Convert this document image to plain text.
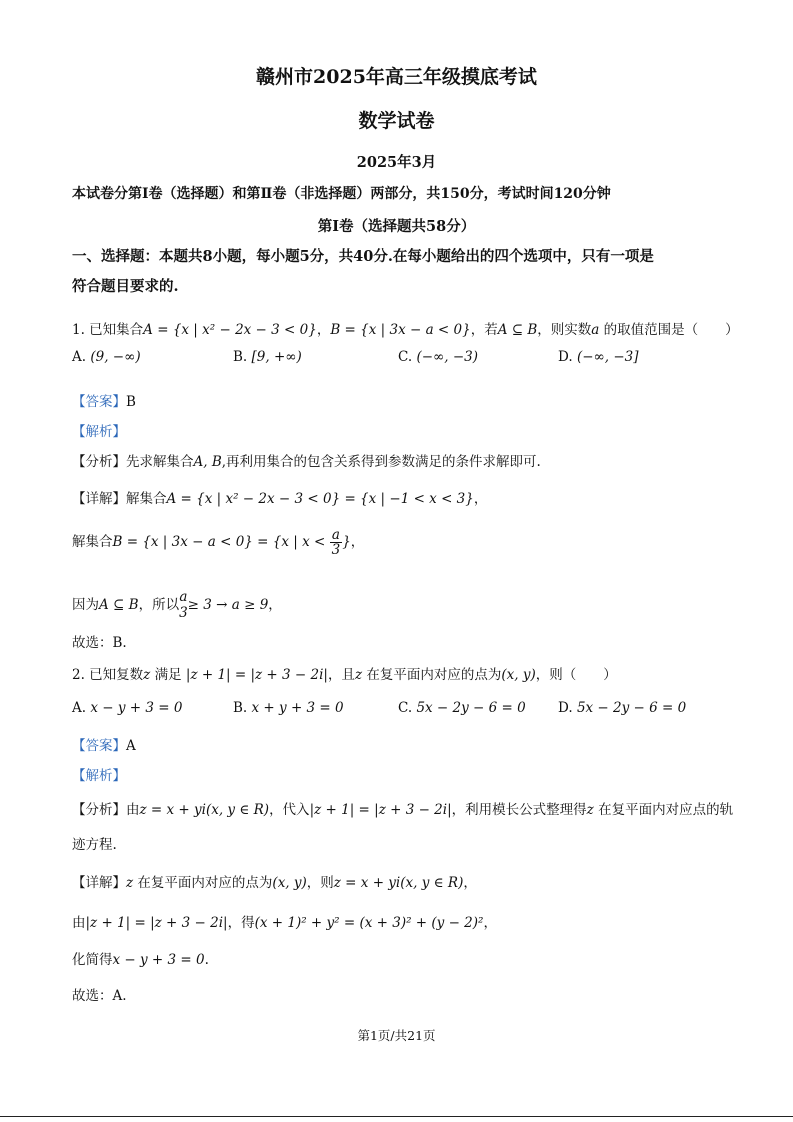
赣州市2025年高三年级摸底考试
数学试卷
2025年3月
本试卷分第Ⅰ卷（选择题）和第Ⅱ卷（非选择题）两部分，共150分，考试时间120分钟
第Ⅰ卷（选择题共58分）
一、选择题：本题共8小题，每小题5分，共40分.在每小题给出的四个选项中，只有一项是
符合题目要求的.
1. 已知集合A = {x | x² − 2x − 3 < 0}，B = {x | 3x − a < 0}，若A ⊆ B，则实数a 的取值范围是（　　）
A. (9, −∞)	B. [9, +∞)	C. (−∞, −3)	D. (−∞, −3]
【答案】B
【解析】
【分析】先求解集合A, B,再利用集合的包含关系得到参数满足的条件求解即可.
【详解】解集合A = {x | x² − 2x − 3 < 0} = {x | −1 < x < 3}，
解集合B = {x | 3x − a < 0} = {x | $x < \frac{a}{3}$ }，
因为A ⊆ B，所以
a
3 ≥ 3 → a ≥ 9，
故选：B.
2. 已知复数z 满足 |z + 1| = |z + 3 − 2i|，且z 在复平面内对应的点为(x, y)，则（　　）
A. x − y + 3 = 0	B. x + y + 3 = 0	C. 5x − 2y − 6 = 0 D. 5x − 2y − 6 = 0
【答案】A
【解析】
【分析】由z = x + yi(x, y ∈ R)，代入|z + 1| = |z + 3 − 2i|，利用模长公式整理得z 在复平面内对应点的轨
迹方程.
【详解】z 在复平面内对应的点为(x, y)，则z = x + yi(x, y ∈ R)，
由|z + 1| = |z + 3 − 2i|，得(x + 1)² + y² = (x + 3)² + (y − 2)²，
化简得x − y + 3 = 0.
故选：A.
第1页/共21页
